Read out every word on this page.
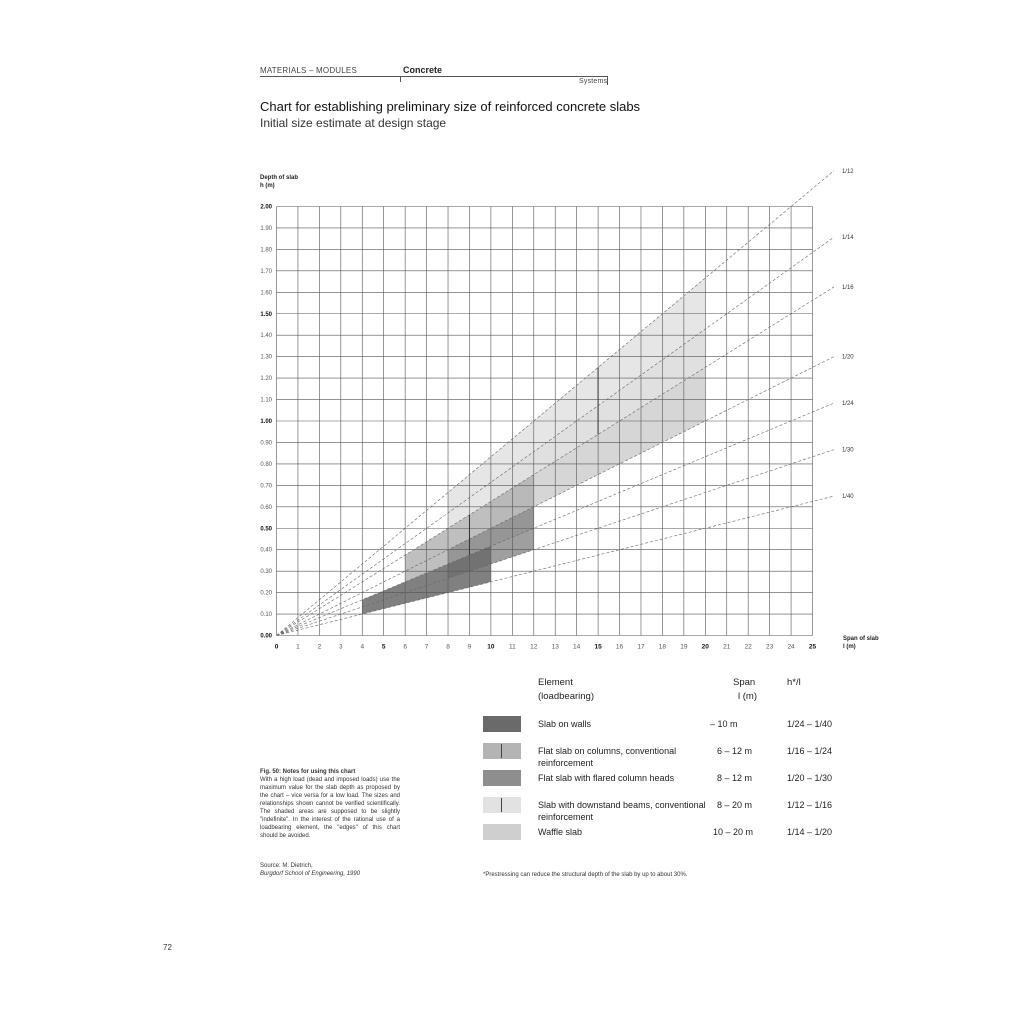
MATERIALS – MODULES	Concrete
Systems
Chart for establishing preliminary size of reinforced concrete slabs
Initial size estimate at design stage
Depth of slab
h (m)
Span of slab
l (m)
1/12
1/14
1/16
1/20
1/24
1/30
1/40
0	1	2	3	4	5	6	7	8	9 10 11 12 13 14 15 16 17 18 19 20 21 22 23 24 25
0.00
0.10
0.20
0.30
0.40
0.50
0.60
0.70
0.80
0.90
1.00
1.10
1.20
1.30
1.40
1.50
1.60
1.70
1.80
1.90
2.00
Element
(loadbearing)
Span
l (m)
h*/l
Slab on walls	– 10 m	1/24 – 1/40
Flat slab on columns, conventional
reinforcement
6 – 12 m	1/16 – 1/24
Flat slab with flared column heads	8 – 12 m	1/20 – 1/30
Slab with downstand beams, conventional
reinforcement
8 – 20 m	1/12 – 1/16
Waffle slab	10 – 20 m	1/14 – 1/20
Fig. 50: Notes for using this chart
With a high load (dead and imposed loads) use the maximum value for the slab depth as proposed by the chart – vice versa for a low load. The sizes and relationships shown cannot be verified scientifically. The shaded areas are supposed to be slightly "indefinite". In the interest of the rational use of a loadbearing element, the "edges" of this chart should be avoided.
Source: M. Dietrich,
Burgdorf School of Engineering, 1990	*Prestressing can reduce the structural depth of the slab by up to about 30%.
72
